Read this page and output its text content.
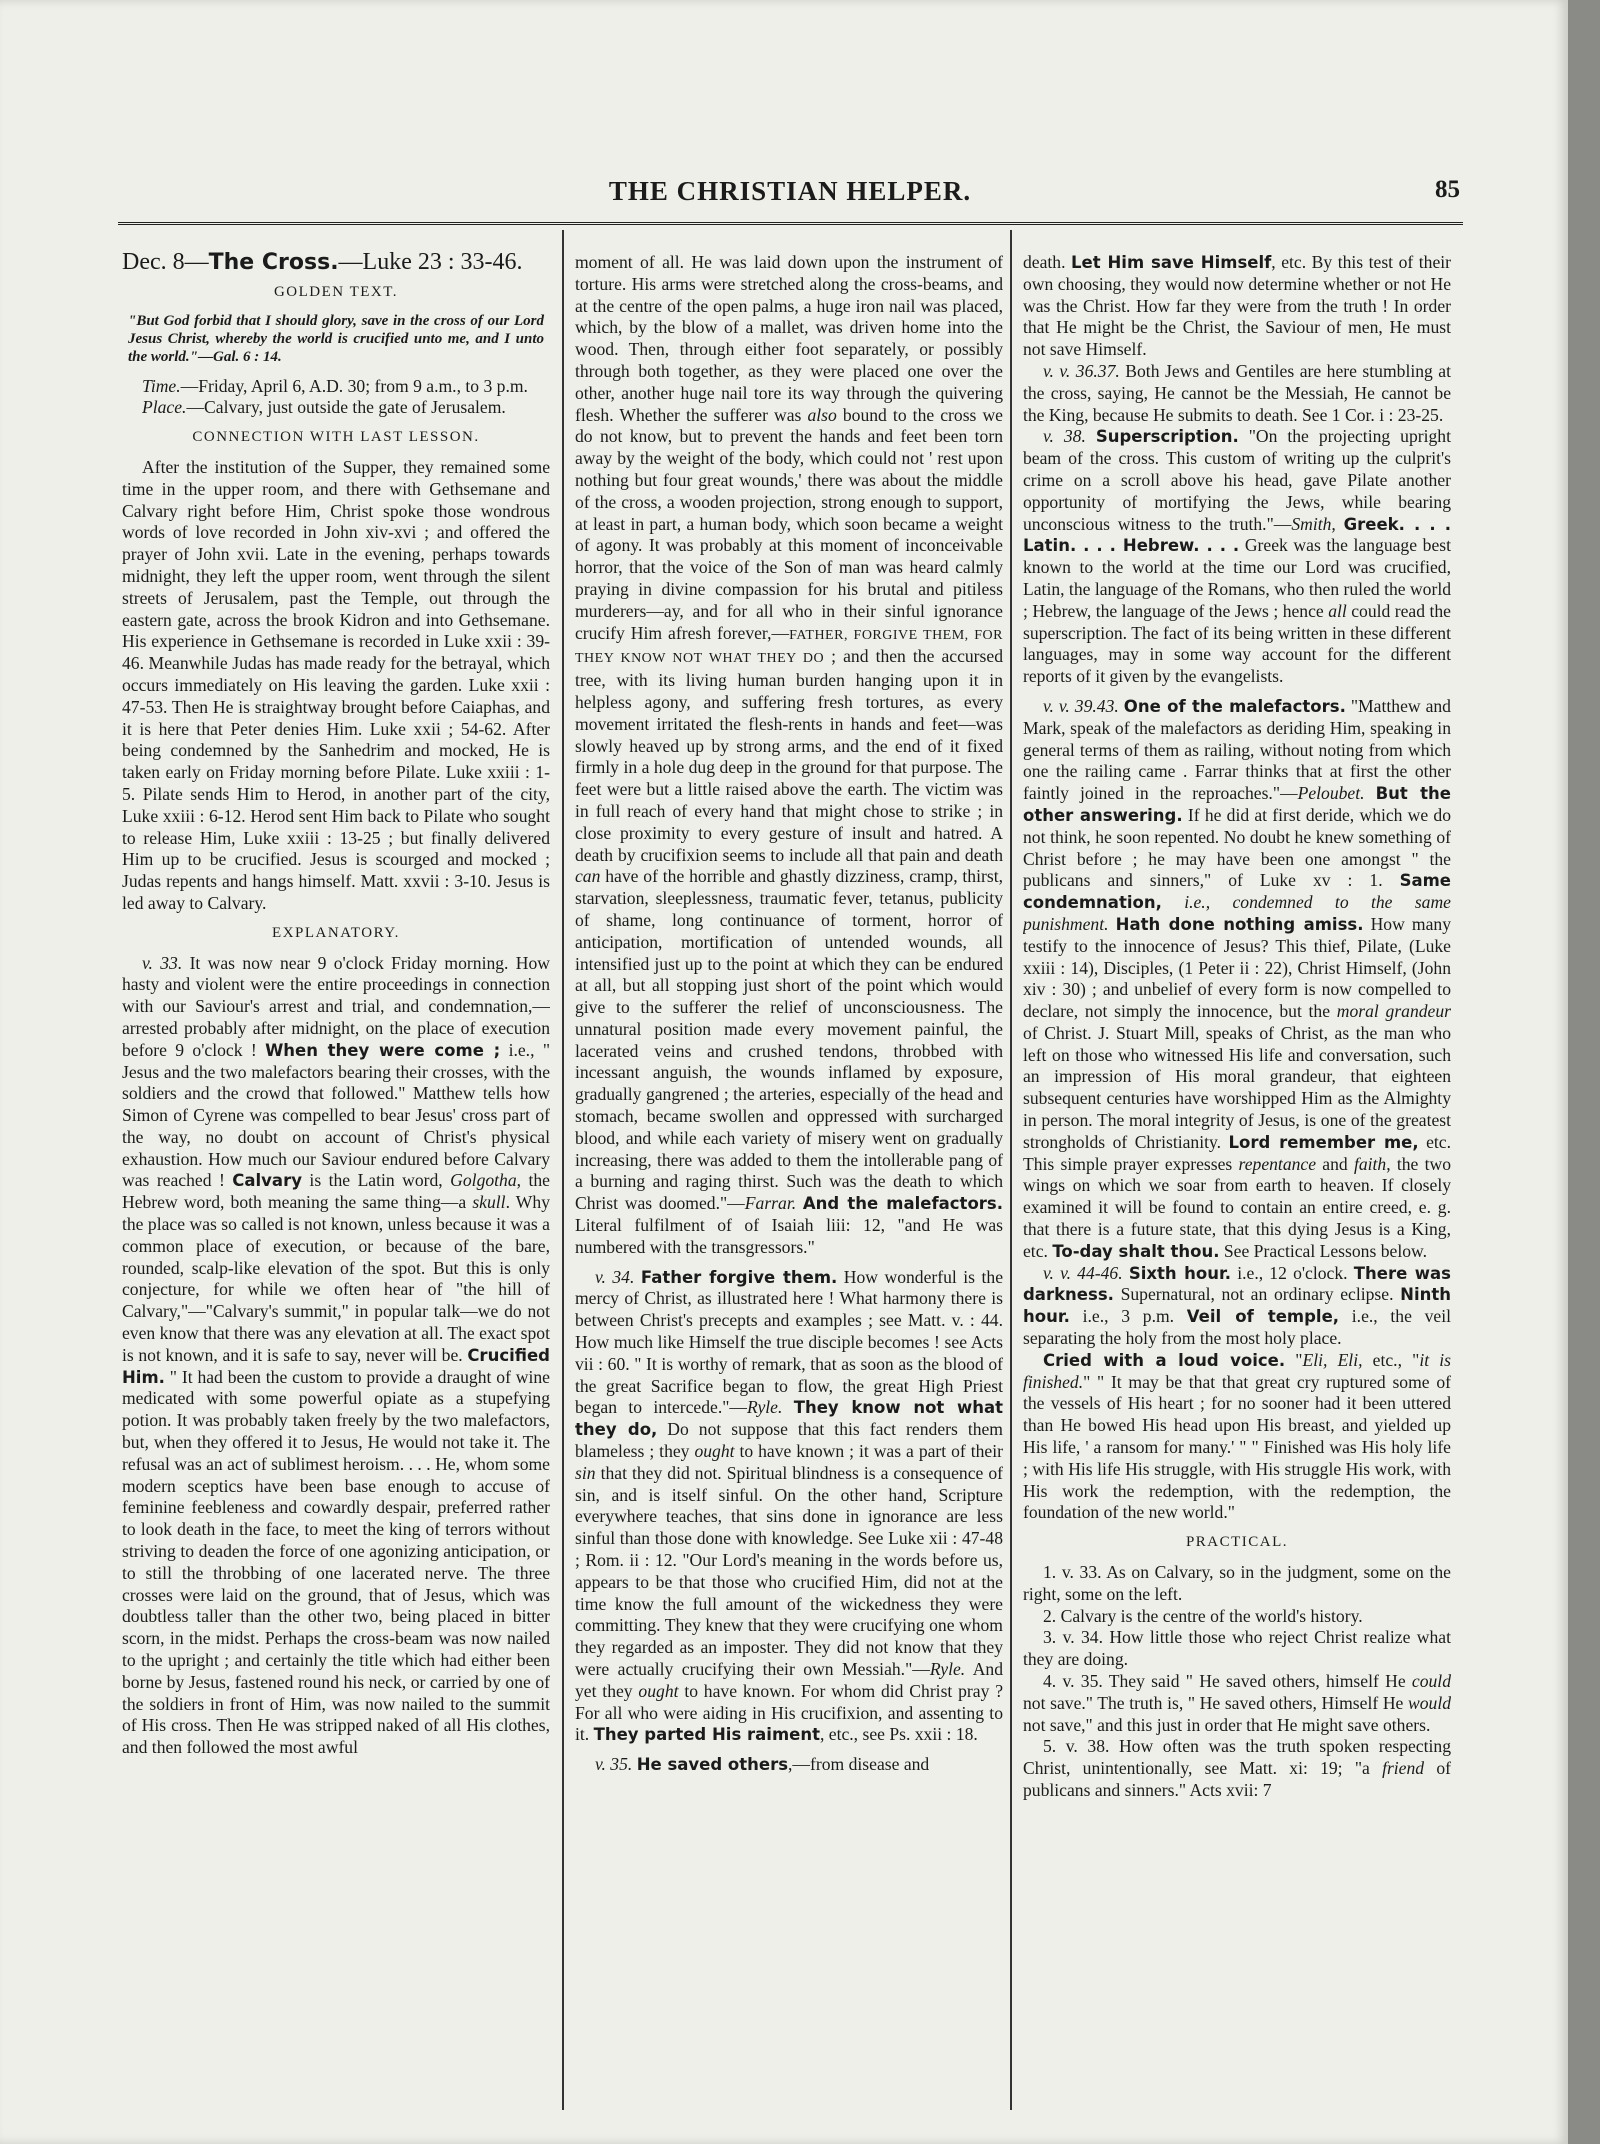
THE CHRISTIAN HELPER.	85

Dec. 8—The Cross.—Luke 23 : 33-46.

GOLDEN TEXT.

"But God forbid that I should glory, save in the cross of our Lord Jesus Christ, whereby the world is crucified unto me, and I unto the world."—Gal. 6 : 14.

Time.—Friday, April 6, A.D. 30; from 9 a.m., to 3 p.m.

Place.—Calvary, just outside the gate of Jerusalem.

CONNECTION WITH LAST LESSON.

After the institution of the Supper, they remained some time in the upper room, and there with Gethsemane and Calvary right before Him, Christ spoke those wondrous words of love recorded in John xiv-xvi ; and offered the prayer of John xvii. Late in the evening, perhaps towards midnight, they left the upper room, went through the silent streets of Jerusalem, past the Temple, out through the eastern gate, across the brook Kidron and into Gethsemane. His experience in Gethsemane is recorded in Luke xxii : 39-46. Meanwhile Judas has made ready for the betrayal, which occurs immediately on His leaving the garden. Luke xxii : 47-53. Then He is straightway brought before Caiaphas, and it is here that Peter denies Him. Luke xxii ; 54-62. After being condemned by the Sanhedrim and mocked, He is taken early on Friday morning before Pilate. Luke xxiii : 1-5. Pilate sends Him to Herod, in another part of the city, Luke xxiii : 6-12. Herod sent Him back to Pilate who sought to release Him, Luke xxiii : 13-25 ; but finally delivered Him up to be crucified. Jesus is scourged and mocked ; Judas repents and hangs himself. Matt. xxvii : 3-10. Jesus is led away to Calvary.

EXPLANATORY.

v. 33. It was now near 9 o'clock Friday morning. How hasty and violent were the entire proceedings in connection with our Saviour's arrest and trial, and condemnation,—arrested probably after midnight, on the place of execution before 9 o'clock ! When they were come ; i.e., " Jesus and the two malefactors bearing their crosses, with the soldiers and the crowd that followed." Matthew tells how Simon of Cyrene was compelled to bear Jesus' cross part of the way, no doubt on account of Christ's physical exhaustion. How much our Saviour endured before Calvary was reached ! Calvary is the Latin word, Golgotha, the Hebrew word, both meaning the same thing—a skull. Why the place was so called is not known, unless because it was a common place of execution, or because of the bare, rounded, scalp-like elevation of the spot. But this is only conjecture, for while we often hear of "the hill of Calvary,"—"Calvary's summit," in popular talk—we do not even know that there was any elevation at all. The exact spot is not known, and it is safe to say, never will be. Crucified Him. " It had been the custom to provide a draught of wine medicated with some powerful opiate as a stupefying potion. It was probably taken freely by the two malefactors, but, when they offered it to Jesus, He would not take it. The refusal was an act of sublimest heroism. . . . He, whom some modern sceptics have been base enough to accuse of feminine feebleness and cowardly despair, preferred rather to look death in the face, to meet the king of terrors without striving to deaden the force of one agonizing anticipation, or to still the throbbing of one lacerated nerve. The three crosses were laid on the ground, that of Jesus, which was doubtless taller than the other two, being placed in bitter scorn, in the midst. Perhaps the cross-beam was now nailed to the upright ; and certainly the title which had either been borne by Jesus, fastened round his neck, or carried by one of the soldiers in front of Him, was now nailed to the summit of His cross. Then He was stripped naked of all His clothes, and then followed the most awful

moment of all. He was laid down upon the instrument of torture. His arms were stretched along the cross-beams, and at the centre of the open palms, a huge iron nail was placed, which, by the blow of a mallet, was driven home into the wood. Then, through either foot separately, or possibly through both together, as they were placed one over the other, another huge nail tore its way through the quivering flesh. Whether the sufferer was also bound to the cross we do not know, but to prevent the hands and feet been torn away by the weight of the body, which could not ' rest upon nothing but four great wounds,' there was about the middle of the cross, a wooden projection, strong enough to support, at least in part, a human body, which soon became a weight of agony. It was probably at this moment of inconceivable horror, that the voice of the Son of man was heard calmly praying in divine compassion for his brutal and pitiless murderers—ay, and for all who in their sinful ignorance crucify Him afresh forever,—FATHER, FORGIVE THEM, FOR THEY KNOW NOT WHAT THEY DO ; and then the accursed tree, with its living human burden hanging upon it in helpless agony, and suffering fresh tortures, as every movement irritated the flesh-rents in hands and feet—was slowly heaved up by strong arms, and the end of it fixed firmly in a hole dug deep in the ground for that purpose. The feet were but a little raised above the earth. The victim was in full reach of every hand that might chose to strike ; in close proximity to every gesture of insult and hatred. A death by crucifixion seems to include all that pain and death can have of the horrible and ghastly dizziness, cramp, thirst, starvation, sleeplessness, traumatic fever, tetanus, publicity of shame, long continuance of torment, horror of anticipation, mortification of untended wounds, all intensified just up to the point at which they can be endured at all, but all stopping just short of the point which would give to the sufferer the relief of unconsciousness. The unnatural position made every movement painful, the lacerated veins and crushed tendons, throbbed with incessant anguish, the wounds inflamed by exposure, gradually gangrened ; the arteries, especially of the head and stomach, became swollen and oppressed with surcharged blood, and while each variety of misery went on gradually increasing, there was added to them the intollerable pang of a burning and raging thirst. Such was the death to which Christ was doomed."—Farrar. And the malefactors. Literal fulfilment of of Isaiah liii: 12, "and He was numbered with the transgressors."

v. 34. Father forgive them. How wonderful is the mercy of Christ, as illustrated here ! What harmony there is between Christ's precepts and examples ; see Matt. v. : 44. How much like Himself the true disciple becomes ! see Acts vii : 60. " It is worthy of remark, that as soon as the blood of the great Sacrifice began to flow, the great High Priest began to intercede."—Ryle. They know not what they do, Do not suppose that this fact renders them blameless ; they ought to have known ; it was a part of their sin that they did not. Spiritual blindness is a consequence of sin, and is itself sinful. On the other hand, Scripture everywhere teaches, that sins done in ignorance are less sinful than those done with knowledge. See Luke xii : 47-48 ; Rom. ii : 12. "Our Lord's meaning in the words before us, appears to be that those who crucified Him, did not at the time know the full amount of the wickedness they were committing. They knew that they were crucifying one whom they regarded as an imposter. They did not know that they were actually crucifying their own Messiah."—Ryle. And yet they ought to have known. For whom did Christ pray ? For all who were aiding in His crucifixion, and assenting to it. They parted His raiment, etc., see Ps. xxii : 18.

v. 35. He saved others,—from disease and

death. Let Him save Himself, etc. By this test of their own choosing, they would now determine whether or not He was the Christ. How far they were from the truth ! In order that He might be the Christ, the Saviour of men, He must not save Himself.

v. v. 36.37. Both Jews and Gentiles are here stumbling at the cross, saying, He cannot be the Messiah, He cannot be the King, because He submits to death. See 1 Cor. i : 23-25.

v. 38. Superscription. "On the projecting upright beam of the cross. This custom of writing up the culprit's crime on a scroll above his head, gave Pilate another opportunity of mortifying the Jews, while bearing unconscious witness to the truth."—Smith, Greek. . . . Latin. . . . Hebrew. . . . Greek was the language best known to the world at the time our Lord was crucified, Latin, the language of the Romans, who then ruled the world ; Hebrew, the language of the Jews ; hence all could read the superscription. The fact of its being written in these different languages, may in some way account for the different reports of it given by the evangelists.

v. v. 39.43. One of the malefactors. "Matthew and Mark, speak of the malefactors as deriding Him, speaking in general terms of them as railing, without noting from which one the railing came . Farrar thinks that at first the other faintly joined in the reproaches."—Peloubet. But the other answering. If he did at first deride, which we do not think, he soon repented. No doubt he knew something of Christ before ; he may have been one amongst " the publicans and sinners," of Luke xv : 1. Same condemnation, i.e., condemned to the same punishment. Hath done nothing amiss. How many testify to the innocence of Jesus? This thief, Pilate, (Luke xxiii : 14), Disciples, (1 Peter ii : 22), Christ Himself, (John xiv : 30) ; and unbelief of every form is now compelled to declare, not simply the innocence, but the moral grandeur of Christ. J. Stuart Mill, speaks of Christ, as the man who left on those who witnessed His life and conversation, such an impression of His moral grandeur, that eighteen subsequent centuries have worshipped Him as the Almighty in person. The moral integrity of Jesus, is one of the greatest strongholds of Christianity. Lord remember me, etc. This simple prayer expresses repentance and faith, the two wings on which we soar from earth to heaven. If closely examined it will be found to contain an entire creed, e. g. that there is a future state, that this dying Jesus is a King, etc. To-day shalt thou. See Practical Lessons below.

v. v. 44-46. Sixth hour. i.e., 12 o'clock. There was darkness. Supernatural, not an ordinary eclipse. Ninth hour. i.e., 3 p.m. Veil of temple, i.e., the veil separating the holy from the most holy place.

Cried with a loud voice. "Eli, Eli, etc., "it is finished." " It may be that that great cry ruptured some of the vessels of His heart ; for no sooner had it been uttered than He bowed His head upon His breast, and yielded up His life, ' a ransom for many.' " " Finished was His holy life ; with His life His struggle, with His struggle His work, with His work the redemption, with the redemption, the foundation of the new world."

PRACTICAL.

1. v. 33. As on Calvary, so in the judgment, some on the right, some on the left.

2. Calvary is the centre of the world's history.

3. v. 34. How little those who reject Christ realize what they are doing.

4. v. 35. They said " He saved others, himself He could not save." The truth is, " He saved others, Himself He would not save," and this just in order that He might save others.

5. v. 38. How often was the truth spoken respecting Christ, unintentionally, see Matt. xi: 19; "a friend of publicans and sinners." Acts xvii: 7
